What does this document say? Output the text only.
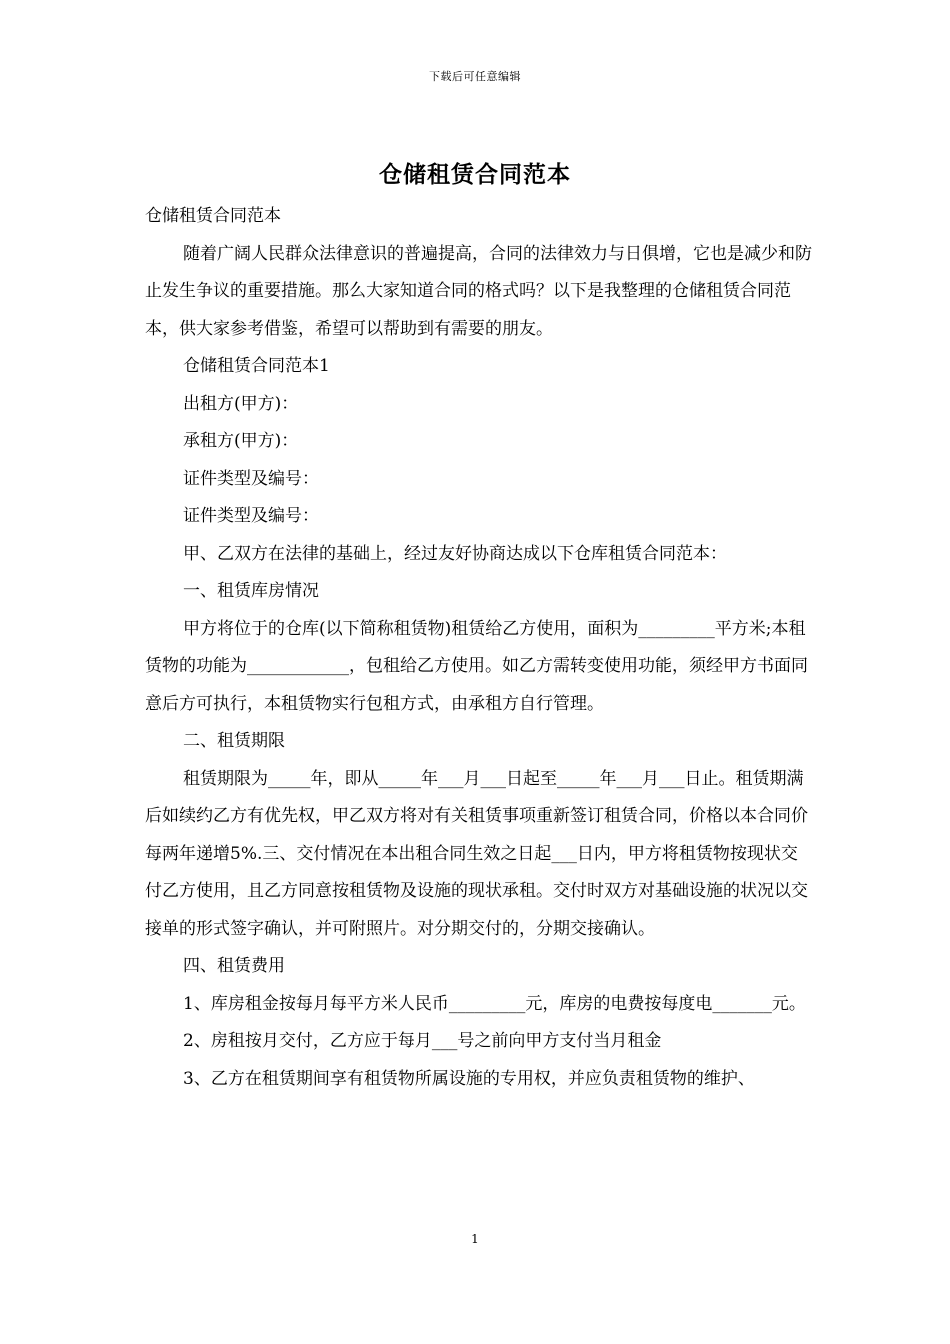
下载后可任意编辑
仓储租赁合同范本

仓储租赁合同范本

随着广阔人民群众法律意识的普遍提高，合同的法律效力与日俱增，它也是减少和防止发生争议的重要措施。那么大家知道合同的格式吗？以下是我整理的仓储租赁合同范本，供大家参考借鉴，希望可以帮助到有需要的朋友。

仓储租赁合同范本1

出租方(甲方)：

承租方(甲方)：

证件类型及编号：

证件类型及编号：

甲、乙双方在法律的基础上，经过友好协商达成以下仓库租赁合同范本：

一、租赁库房情况

甲方将位于的仓库(以下简称租赁物)租赁给乙方使用，面积为_________平方米;本租赁物的功能为____________，包租给乙方使用。如乙方需转变使用功能，须经甲方书面同意后方可执行，本租赁物实行包租方式，由承租方自行管理。

二、租赁期限

租赁期限为_____年，即从_____年___月___日起至_____年___月___日止。租赁期满后如续约乙方有优先权，甲乙双方将对有关租赁事项重新签订租赁合同，价格以本合同价每两年递增5%.三、交付情况在本出租合同生效之日起___日内，甲方将租赁物按现状交付乙方使用，且乙方同意按租赁物及设施的现状承租。交付时双方对基础设施的状况以交接单的形式签字确认，并可附照片。对分期交付的，分期交接确认。

四、租赁费用

1、库房租金按每月每平方米人民币_________元，库房的电费按每度电_______元。

2、房租按月交付，乙方应于每月___号之前向甲方支付当月租金

3、乙方在租赁期间享有租赁物所属设施的专用权，并应负责租赁物的维护、

1
